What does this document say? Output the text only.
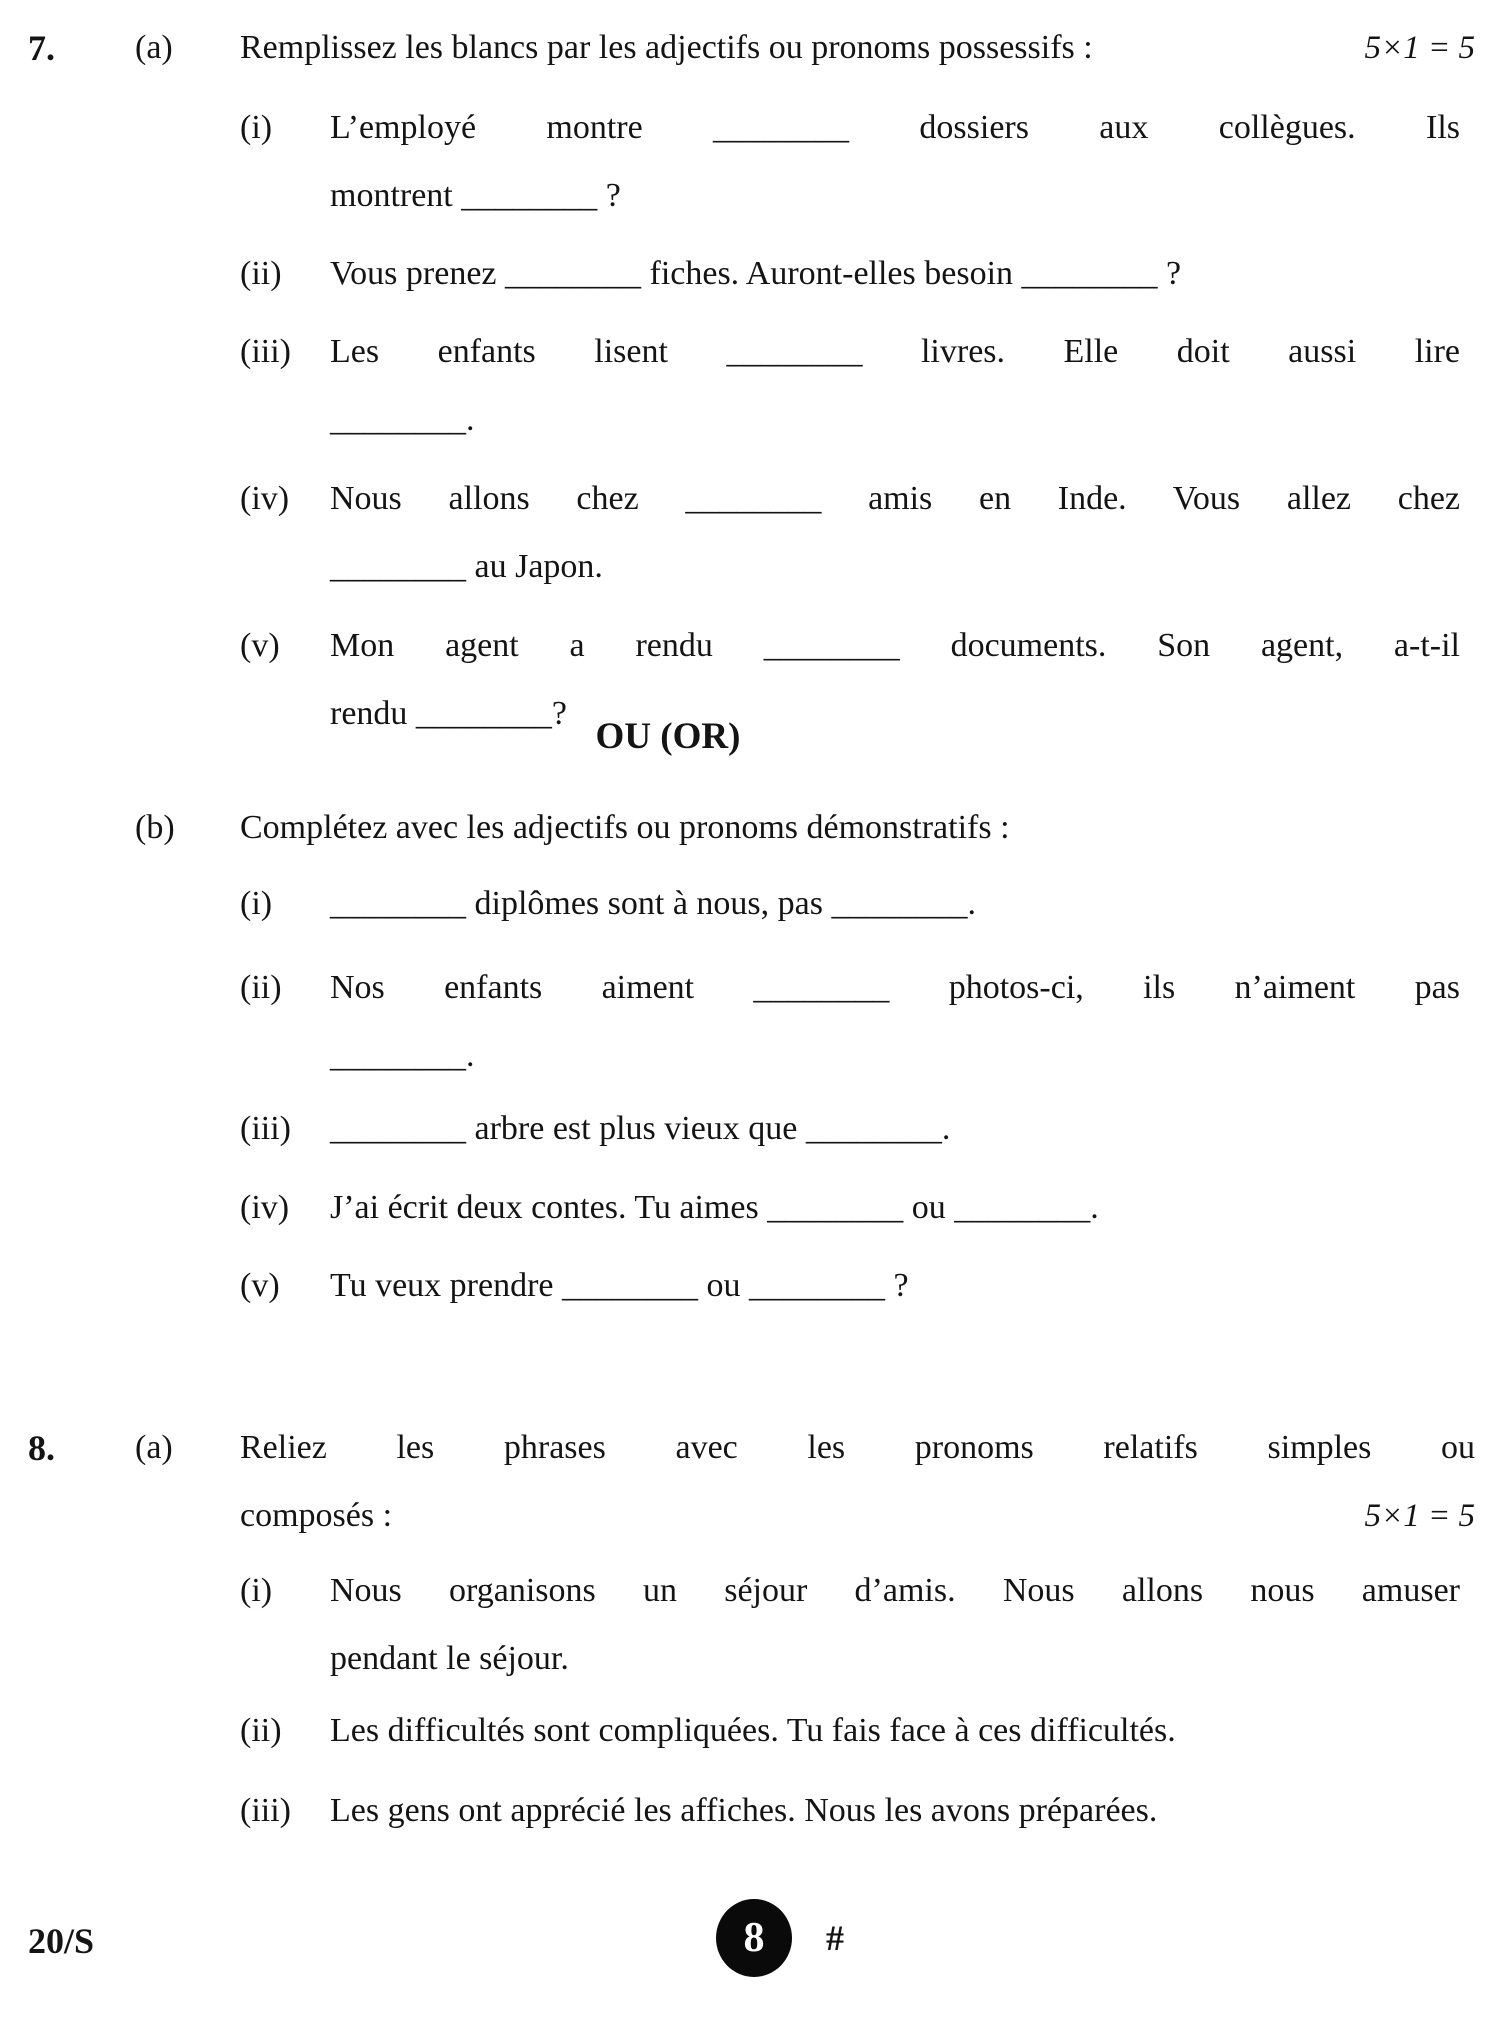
7.	(a)	Remplissez les blancs par les adjectifs ou pronoms possessifs :	5×1 = 5
(i)	L’employé montre ________ dossiers aux collègues. Ils
montrent ________ ?
(ii)	Vous prenez ________ fiches. Auront-elles besoin ________ ?
(iii)	Les enfants lisent ________ livres. Elle doit aussi lire
________.
(iv)	Nous allons chez ________ amis en Inde. Vous allez chez
________ au Japon.
(v)	Mon agent a rendu ________ documents. Son agent, a-t-il
rendu ________?
OU (OR)
(b)	Complétez avec les adjectifs ou pronoms démonstratifs :
(i)	________ diplômes sont à nous, pas ________.
(ii)	Nos enfants aiment ________ photos-ci, ils n’aiment pas
________.
(iii)	________ arbre est plus vieux que ________.
(iv)	J’ai écrit deux contes. Tu aimes ________ ou ________.
(v)	Tu veux prendre ________ ou ________ ?
8.	(a)	Reliez les phrases avec les pronoms relatifs simples ou
composés :	5×1 = 5
(i)	Nous organisons un séjour d’amis. Nous allons nous amuser
pendant le séjour.
(ii)	Les difficultés sont compliquées. Tu fais face à ces difficultés.
(iii)	Les gens ont apprécié les affiches. Nous les avons préparées.
20/S	8 #
